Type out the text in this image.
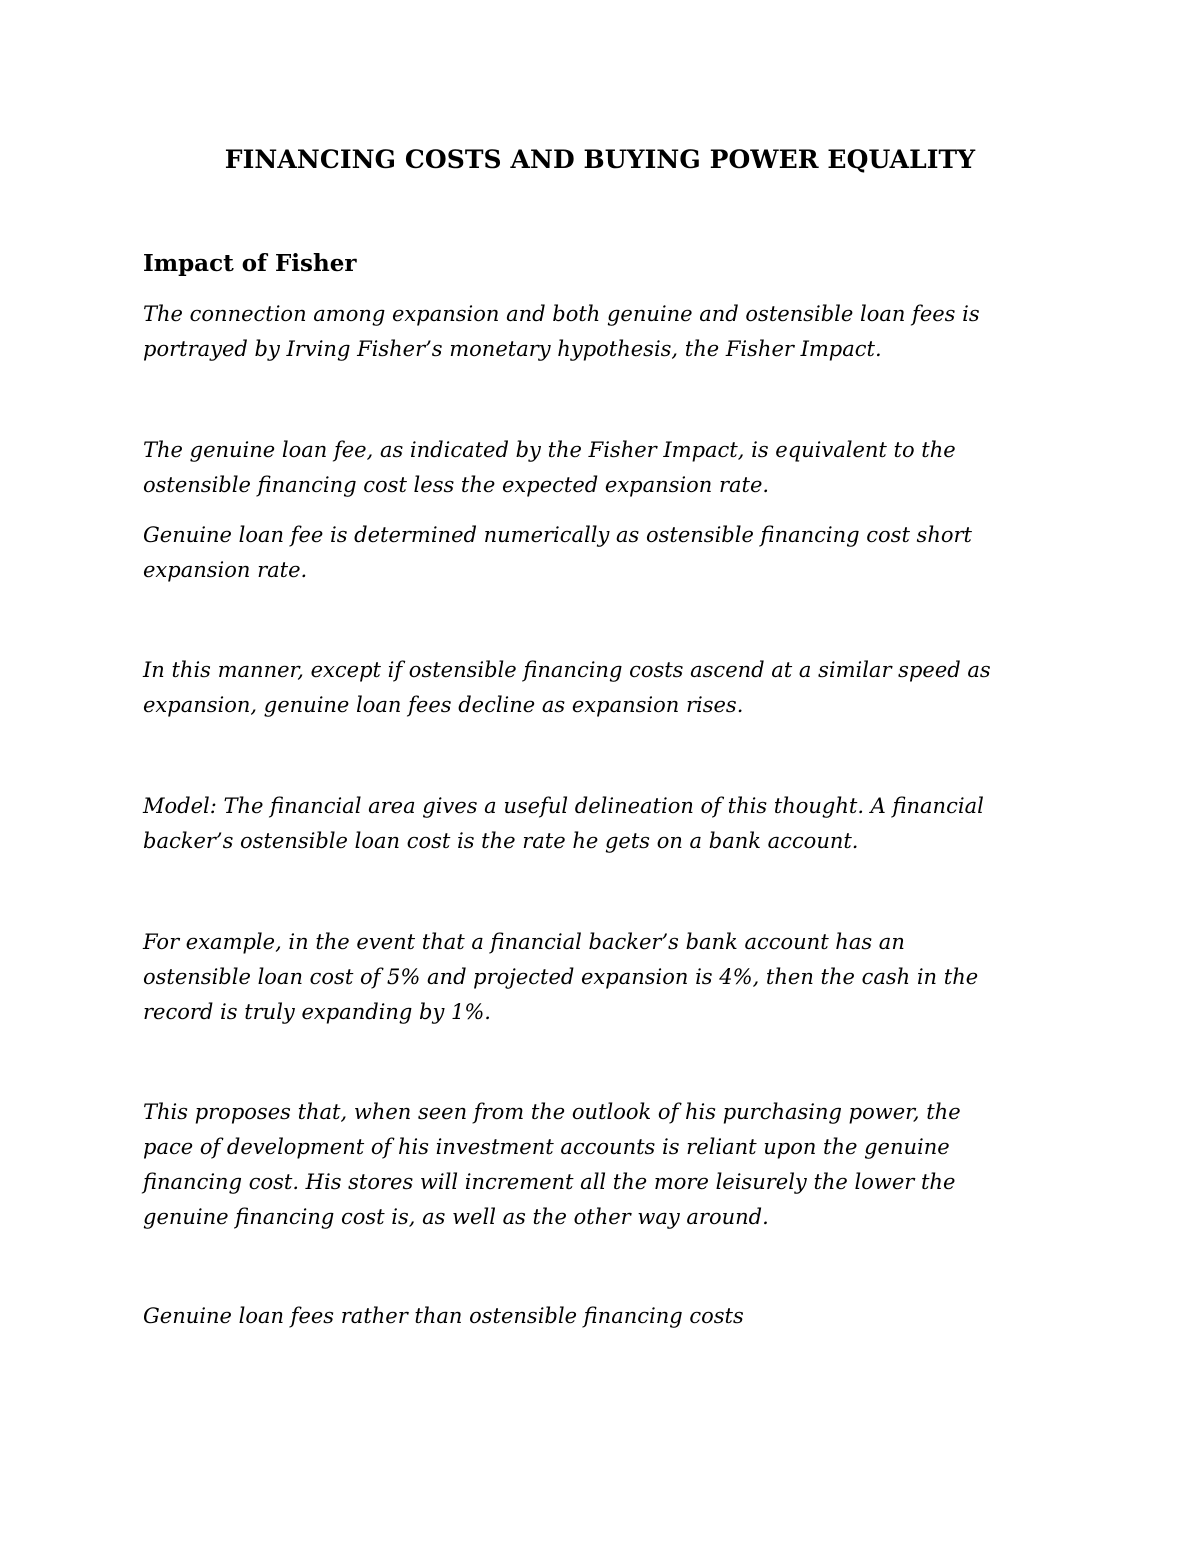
FINANCING COSTS AND BUYING POWER EQUALITY
Impact of Fisher

The connection among expansion and both genuine and ostensible loan fees is
portrayed by Irving Fisher’s monetary hypothesis, the Fisher Impact.

The genuine loan fee, as indicated by the Fisher Impact, is equivalent to the
ostensible financing cost less the expected expansion rate.

Genuine loan fee is determined numerically as ostensible financing cost short
expansion rate.

In this manner, except if ostensible financing costs ascend at a similar speed as
expansion, genuine loan fees decline as expansion rises.

Model: The financial area gives a useful delineation of this thought. A financial
backer’s ostensible loan cost is the rate he gets on a bank account.

For example, in the event that a financial backer’s bank account has an
ostensible loan cost of 5% and projected expansion is 4%, then the cash in the
record is truly expanding by 1%.

This proposes that, when seen from the outlook of his purchasing power, the
pace of development of his investment accounts is reliant upon the genuine
financing cost. His stores will increment all the more leisurely the lower the
genuine financing cost is, as well as the other way around.

Genuine loan fees rather than ostensible financing costs
